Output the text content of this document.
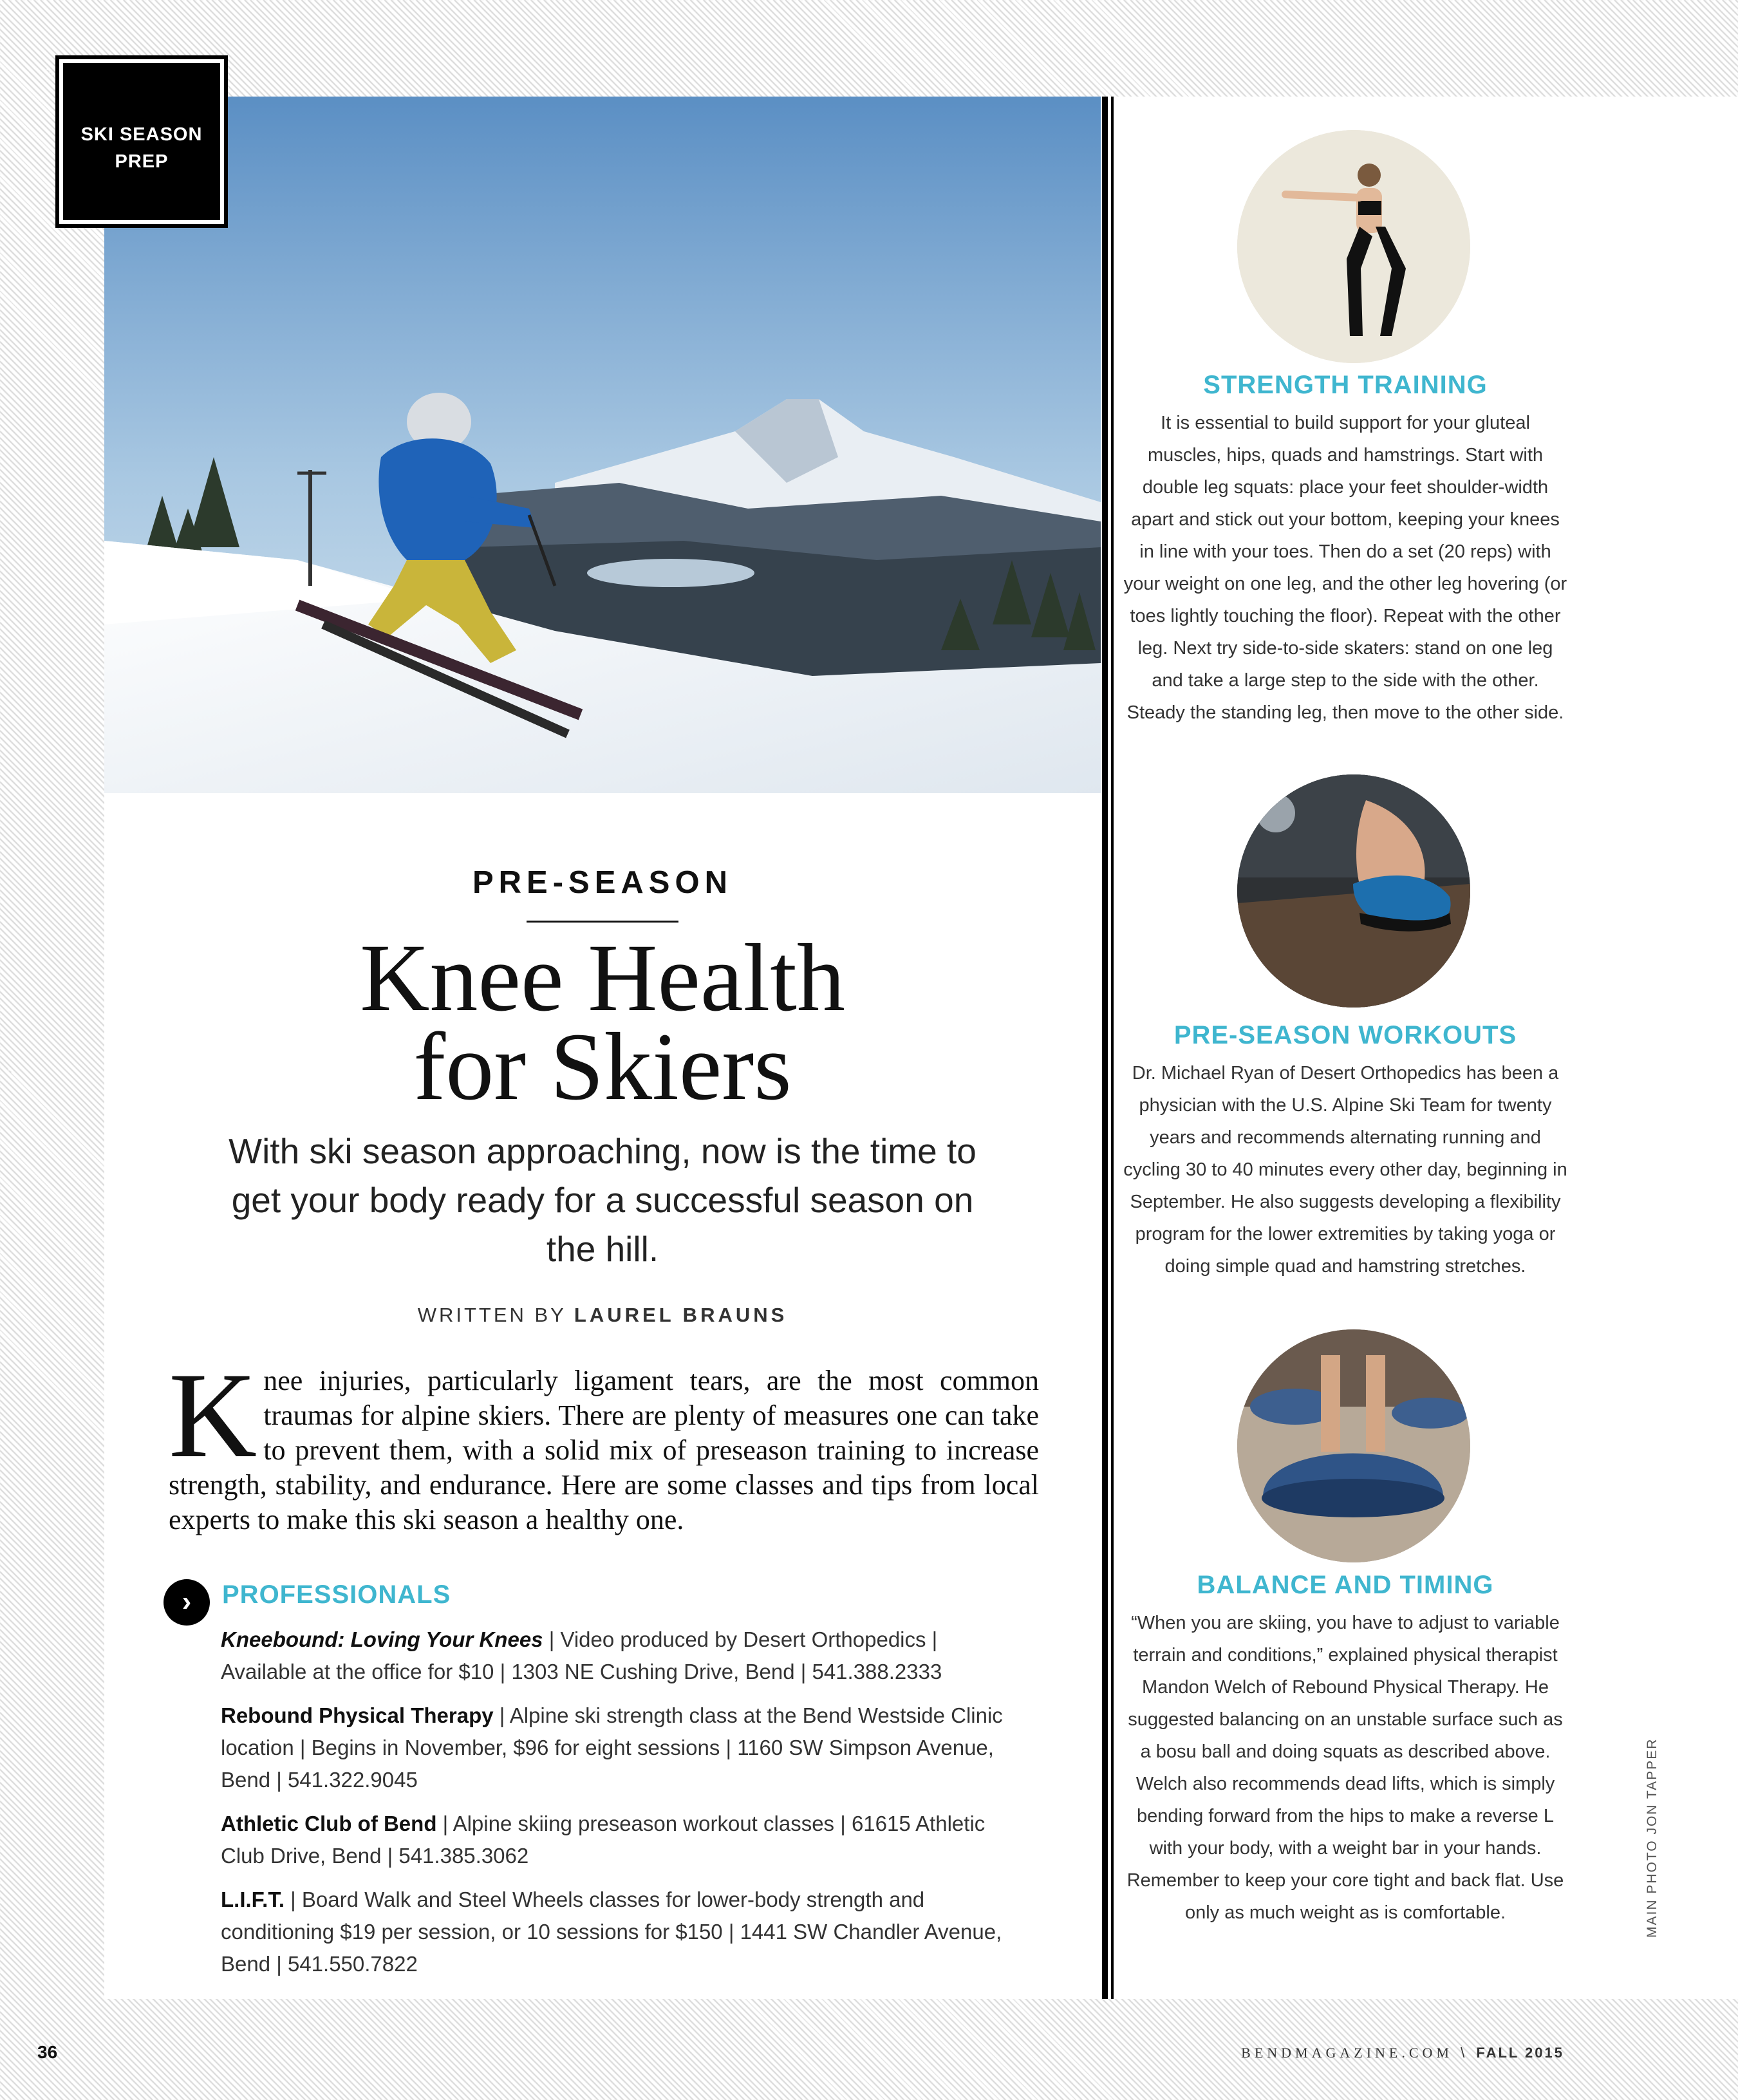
SKI SEASON
PREP
PRE-SEASON
Knee Health
for Skiers
With ski season approaching, now is the time to get your body ready for a successful season on the hill.
WRITTEN BY LAUREL BRAUNS
K nee injuries, particularly ligament tears, are the most common traumas for alpine skiers. There are plenty of measures one can take to prevent them, with a solid mix of preseason training to increase strength, stability, and endurance. Here are some classes and tips from local experts to make this ski season a healthy one.
›	PROFESSIONALS
Kneebound: Loving Your Knees | Video produced by Desert Orthopedics | Available at the office for $10 | 1303 NE Cushing Drive, Bend | 541.388.2333
Rebound Physical Therapy | Alpine ski strength class at the Bend Westside Clinic location | Begins in November, $96 for eight sessions | 1160 SW Simpson Avenue, Bend | 541.322.9045
Athletic Club of Bend | Alpine skiing preseason workout classes | 61615 Athletic Club Drive, Bend | 541.385.3062
L.I.F.T. | Board Walk and Steel Wheels classes for lower-body strength and conditioning $19 per session, or 10 sessions for $150 | 1441 SW Chandler Avenue, Bend | 541.550.7822
STRENGTH TRAINING
It is essential to build support for your gluteal muscles, hips, quads and hamstrings. Start with double leg squats: place your feet shoulder-width apart and stick out your bottom, keeping your knees in line with your toes. Then do a set (20 reps) with your weight on one leg, and the other leg hovering (or toes lightly touching the floor). Repeat with the other leg. Next try side-to-side skaters: stand on one leg and take a large step to the side with the other. Steady the standing leg, then move to the other side.
PRE-SEASON WORKOUTS
Dr. Michael Ryan of Desert Orthopedics has been a physician with the U.S. Alpine Ski Team for twenty years and recommends alternating running and cycling 30 to 40 minutes every other day, beginning in September. He also suggests developing a flexibility program for the lower extremities by taking yoga or doing simple quad and hamstring stretches.
BALANCE AND TIMING
“When you are skiing, you have to adjust to variable terrain and conditions,” explained physical therapist Mandon Welch of Rebound Physical Therapy. He suggested balancing on an unstable surface such as a bosu ball and doing squats as described above. Welch also recommends dead lifts, which is simply bending forward from the hips to make a reverse L with your body, with a weight bar in your hands. Remember to keep your core tight and back flat. Use only as much weight as is comfortable.	MAIN PHOTO JON TAPPER
36	BENDMAGAZINE.COM \ FALL 2015
